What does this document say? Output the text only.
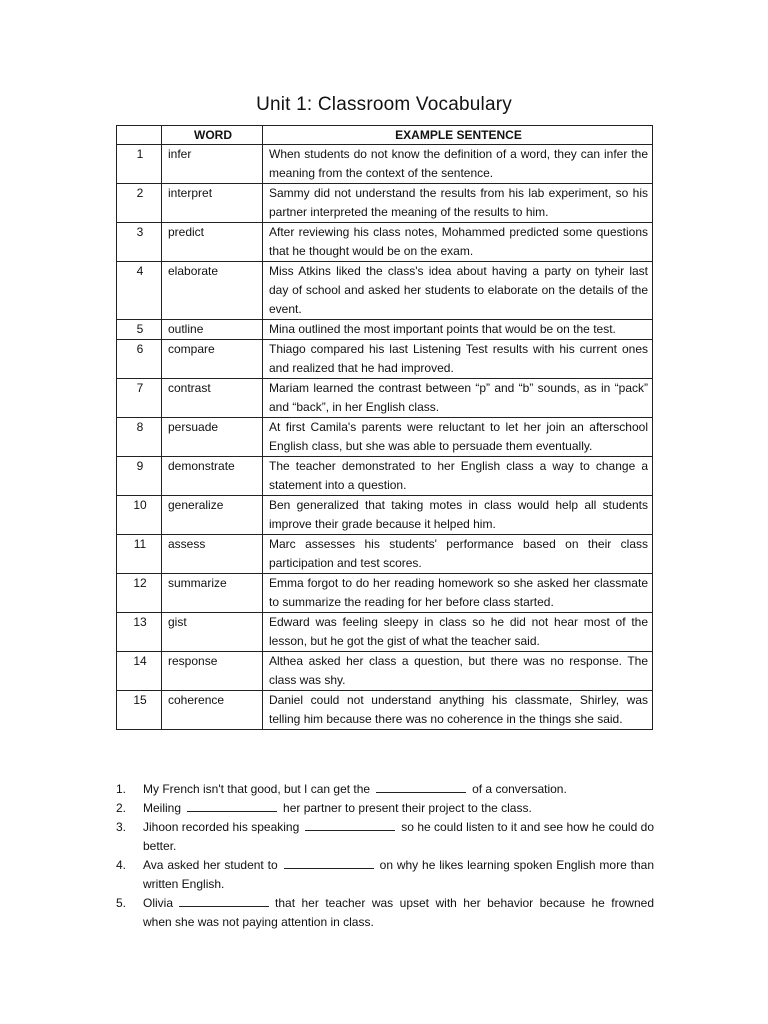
Unit 1: Classroom Vocabulary
	WORD	EXAMPLE SENTENCE
1	infer	When students do not know the definition of a word, they can infer the meaning from the context of the sentence.
2	interpret	Sammy did not understand the results from his lab experiment, so his partner interpreted the meaning of the results to him.
3	predict	After reviewing his class notes, Mohammed predicted some questions that he thought would be on the exam.
4	elaborate	Miss Atkins liked the class's idea about having a party on tyheir last day of school and asked her students to elaborate on the details of the event.
5	outline	Mina outlined the most important points that would be on the test.
6	compare	Thiago compared his last Listening Test results with his current ones and realized that he had improved.
7	contrast	Mariam learned the contrast between “p” and “b” sounds, as in “pack” and “back”, in her English class.
8	persuade	At first Camila's parents were reluctant to let her join an afterschool English class, but she was able to persuade them eventually.
9	demonstrate	The teacher demonstrated to her English class a way to change a statement into a question.
10	generalize	Ben generalized that taking motes in class would help all students improve their grade because it helped him.
11	assess	Marc assesses his students' performance based on their class participation and test scores.
12	summarize	Emma forgot to do her reading homework so she asked her classmate to summarize the reading for her before class started.
13	gist	Edward was feeling sleepy in class so he did not hear most of the lesson, but he got the gist of what the teacher said.
14	response	Althea asked her class a question, but there was no response. The class was shy.
15	coherence	Daniel could not understand anything his classmate, Shirley, was telling him because there was no coherence in the things she said.
1.	My French isn't that good, but I can get the	of a conversation.
2.	Meiling	her partner to present their project to the class.
3.	Jihoon recorded his speaking	so he could listen to it and see how he could do better.
4.	Ava asked her student to	on why he likes learning spoken English more than written English.
5.	Olivia	that her teacher was upset with her behavior because he frowned when she was not paying attention in class.
